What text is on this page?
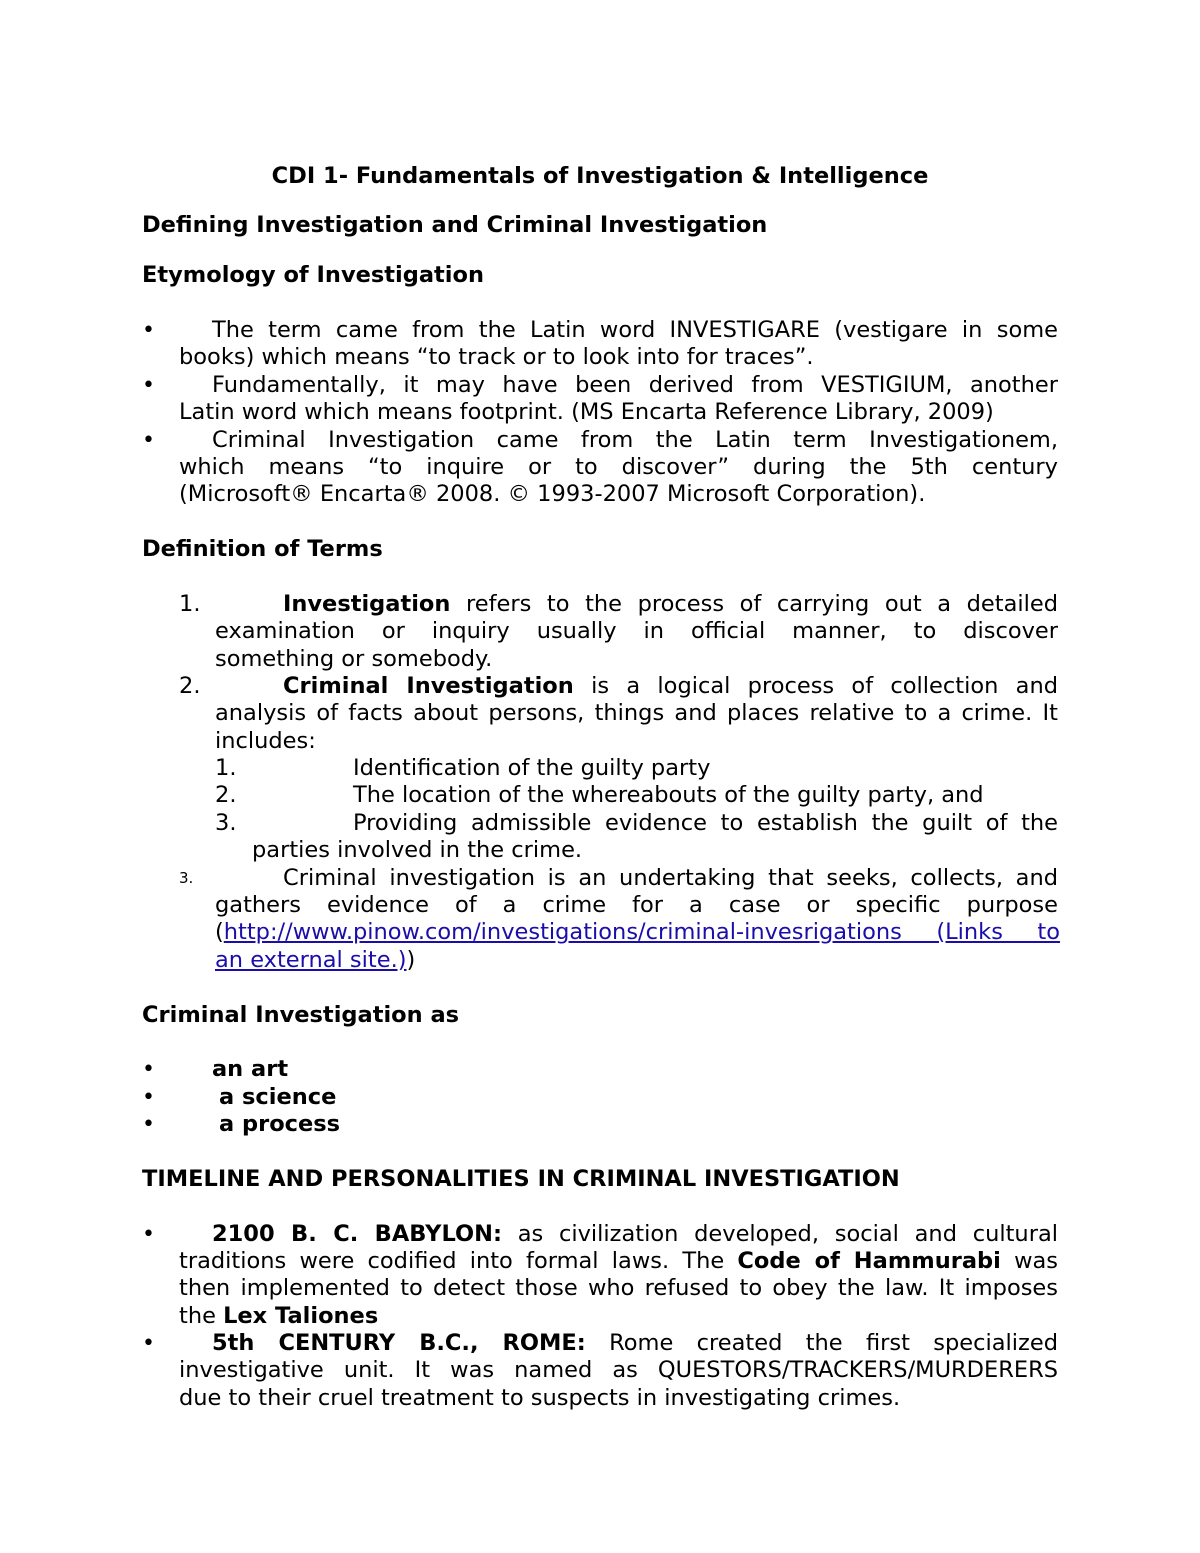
CDI 1- Fundamentals of Investigation & Intelligence
Defining Investigation and Criminal Investigation
Etymology of Investigation
•	The term came from the Latin word INVESTIGARE (vestigare in some
books) which means “to track or to look into for traces”.
•	Fundamentally, it may have been derived from VESTIGIUM, another
Latin word which means footprint. (MS Encarta Reference Library, 2009)
•	Criminal Investigation came from the Latin term Investigationem,
which means “to inquire or to discover” during the 5th century
(Microsoft® Encarta® 2008. © 1993-2007 Microsoft Corporation).
Definition of Terms
1.	Investigation refers to the process of carrying out a detailed
examination or inquiry usually in official manner, to discover
something or somebody.
2.	Criminal Investigation is a logical process of collection and
analysis of facts about persons, things and places relative to a crime. It
includes:
1.	Identification of the guilty party
2.	The location of the whereabouts of the guilty party, and
3.	Providing admissible evidence to establish the guilt of the
parties involved in the crime.
3.	Criminal investigation is an undertaking that seeks, collects, and
gathers evidence of a crime for a case or specific purpose
(http://www.pinow.com/investigations/criminal-invesrigations (Links to
an external site.))
Criminal Investigation as
•	an art
•	a science
•	a process
TIMELINE AND PERSONALITIES IN CRIMINAL INVESTIGATION
•	2100 B. C. BABYLON: as civilization developed, social and cultural
traditions were codified into formal laws. The Code of Hammurabi was
then implemented to detect those who refused to obey the law. It imposes
the Lex Taliones
•	5th CENTURY B.C., ROME: Rome created the first specialized
investigative unit. It was named as QUESTORS/TRACKERS/MURDERERS
due to their cruel treatment to suspects in investigating crimes.
